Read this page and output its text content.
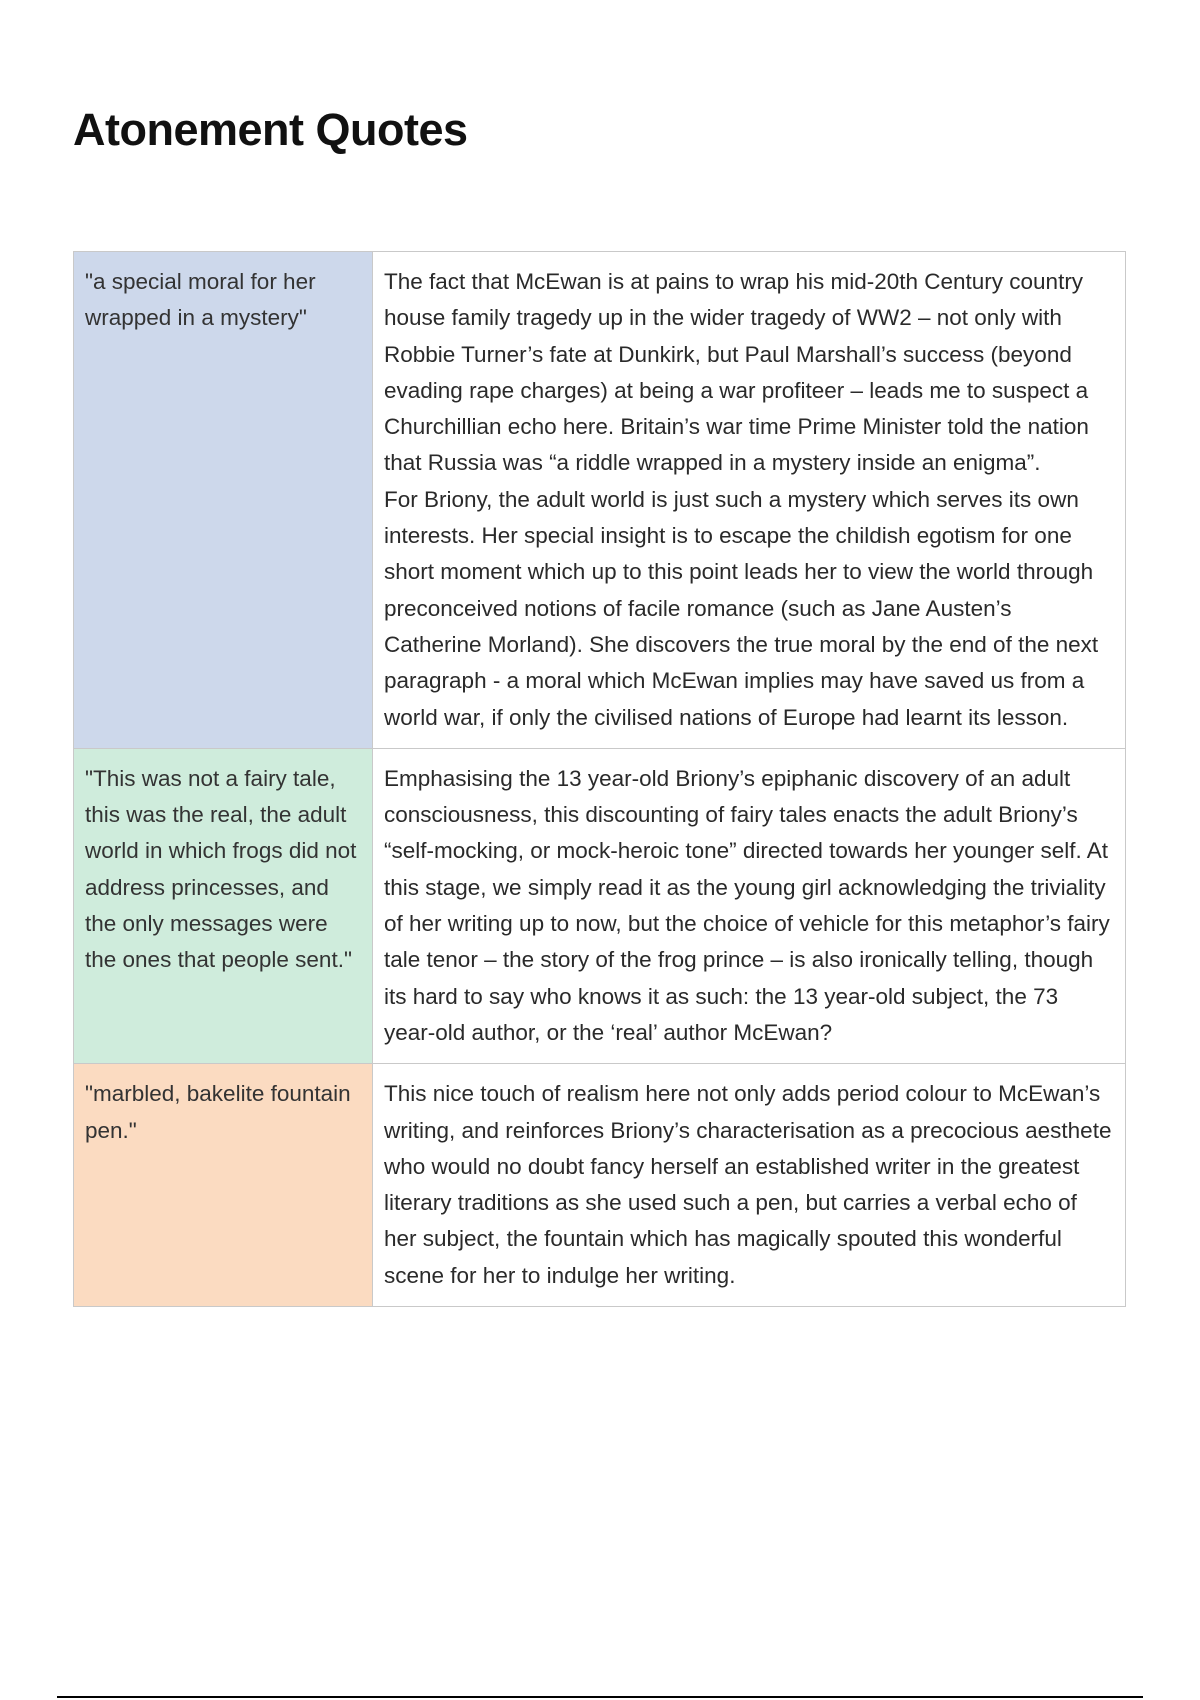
Atonement Quotes
"a special moral for her wrapped in a mystery"	The fact that McEwan is at pains to wrap his mid-20th Century country house family tragedy up in the wider tragedy of WW2 – not only with Robbie Turner’s fate at Dunkirk, but Paul Marshall’s success (beyond evading rape charges) at being a war profiteer – leads me to suspect a Churchillian echo here. Britain’s war time Prime Minister told the nation that Russia was “a riddle wrapped in a mystery inside an enigma”.
For Briony, the adult world is just such a mystery which serves its own interests. Her special insight is to escape the childish egotism for one short moment which up to this point leads her to view the world through preconceived notions of facile romance (such as Jane Austen’s Catherine Morland). She discovers the true moral by the end of the next paragraph - a moral which McEwan implies may have saved us from a world war, if only the civilised nations of Europe had learnt its lesson.

"This was not a fairy tale, this was the real, the adult world in which frogs did not address princesses, and the only messages were the ones that people sent."	Emphasising the 13 year-old Briony’s epiphanic discovery of an adult consciousness, this discounting of fairy tales enacts the adult Briony’s “self-mocking, or mock-heroic tone” directed towards her younger self. At this stage, we simply read it as the young girl acknowledging the triviality of her writing up to now, but the choice of vehicle for this metaphor’s fairy tale tenor – the story of the frog prince – is also ironically telling, though its hard to say who knows it as such: the 13 year-old subject, the 73 year-old author, or the ‘real’ author McEwan?

"marbled, bakelite fountain pen."	This nice touch of realism here not only adds period colour to McEwan’s writing, and reinforces Briony’s characterisation as a precocious aesthete who would no doubt fancy herself an established writer in the greatest literary traditions as she used such a pen, but carries a verbal echo of her subject, the fountain which has magically spouted this wonderful scene for her to indulge her writing.
